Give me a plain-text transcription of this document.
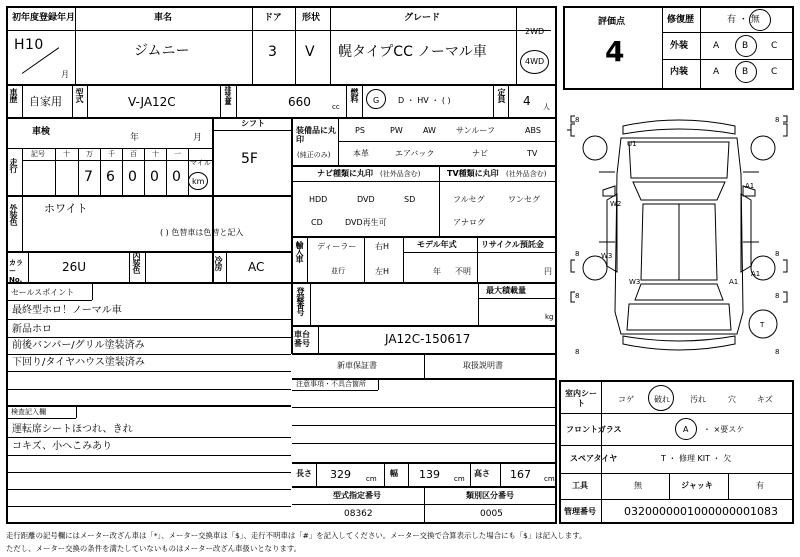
初年度登録年月
H10
月
車名
ジムニー
ドア
3
形状
V
グレード
幌タイプCC ノーマル車
2WD
4WD
評価点
4
修復歴	有 ・ 無
外装	A	B	C
内装	A	B	C
車歴 自家用 型式	V-JA12C	排気量	660	cc
燃料 G D ・ HV ・ ( )	定員 4 人
車検
年	月
シフト
5F
走行
記号	十 万 千 百 十 一
マイル
7 6 0 0 0 km
外装色 ホワイト
( ) 色替車は色替と記入
カラーNo.
26U	内装色	冷房 AC
装備品に丸印
(純正のみ)
PS	PW	AW	サンルーフ	ABS
本革	エアバック	ナビ	TV
ナビ種類に丸印 (社外品含む)
HDD	DVD	SD
CD	DVD再生可
TV種類に丸印 (社外品含む)
フルセグ	ワンセグ
アナログ
輸入車 ディーラー
並行
右H
左H
モデル年式
年 不明
リサイクル預託金
円
セールスポイント
最終型ホロ！ノーマル車
新品ホロ
前後バンパー/グリル塗装済み
下回り/タイヤハウス塗装済み
登録番号	最大積載量
kg
車台番号	JA12C-150617
新車保証書	取扱説明書
注意事項・不具合箇所
検査記入欄
運転席シートほつれ、きれ
コキズ、小へこみあり
長さ 329 cm
幅 139 cm
高さ 167 cm
型式指定番号
08362
類別区分番号
0005
室内シート	コゲ	破れ	汚れ	穴	キズ
フロントガラス	A ・ ×要スケ
スペアタイヤ	T ・ 修理 KIT ・ 欠
工具	無	ジャッキ	有
管理番号	0320000001000000001083
8	8
8	8
8	8
8	8
T
U1
A1
W2
W3
W3	A1
A1
走行距離の記号欄にはメーター改ざん車は「*」、メーター交換車は「$」、走行不明車は「#」を記入してください。メーター交換で合算表示した場合にも「$」は記入します。
ただし、メーター交換の条件を満たしていないものはメーター改ざん車扱いとなります。
